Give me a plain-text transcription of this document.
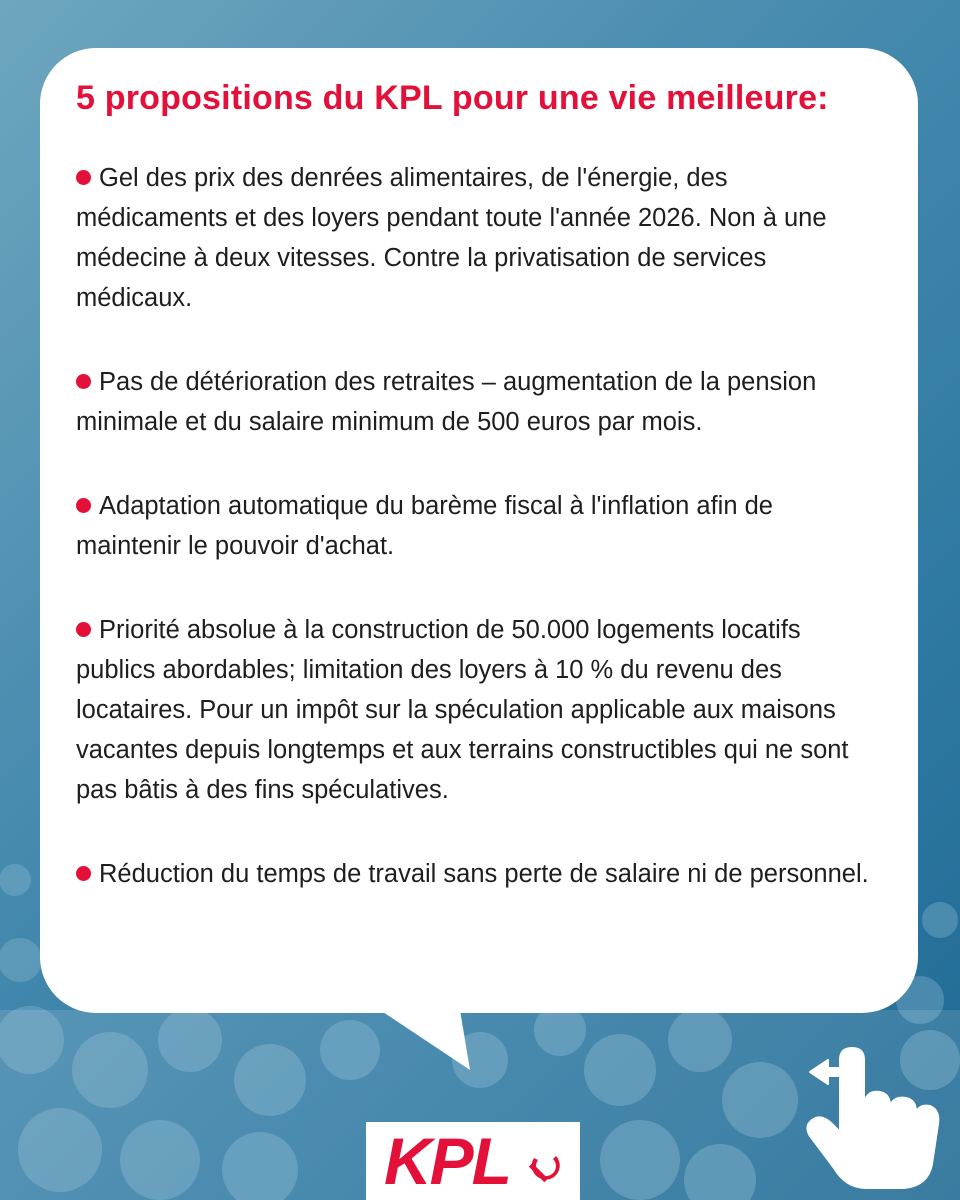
5 propositions du KPL pour une vie meilleure:

Gel des prix des denrées alimentaires, de l'énergie, des médicaments et des loyers pendant toute l'année 2026. Non à une médecine à deux vitesses. Contre la privatisation de services médicaux.

Pas de détérioration des retraites – augmentation de la pension minimale et du salaire minimum de 500 euros par mois.

Adaptation automatique du barème fiscal à l'inflation afin de maintenir le pouvoir d'achat.

Priorité absolue à la construction de 50.000 logements locatifs publics abordables; limitation des loyers à 10 % du revenu des locataires. Pour un impôt sur la spéculation applicable aux maisons vacantes depuis longtemps et aux terrains constructibles qui ne sont pas bâtis à des fins spéculatives.

Réduction du temps de travail sans perte de salaire ni de personnel.

KPL
